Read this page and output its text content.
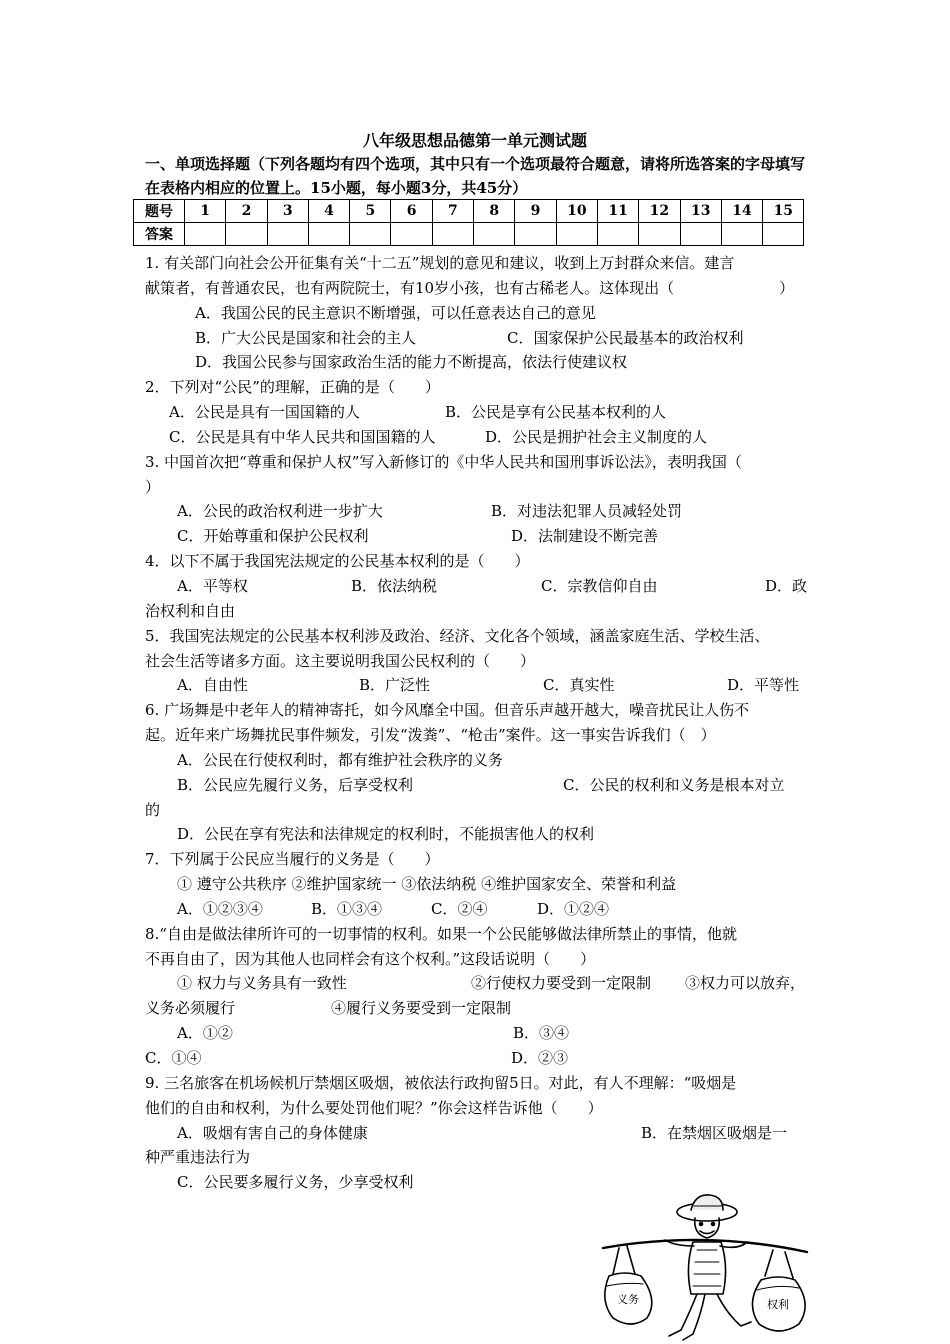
八年级思想品德第一单元测试题
一、单项选择题（下列各题均有四个选项，其中只有一个选项最符合题意，请将所选答案的字母填写在表格内相应的位置上。15小题，每小题3分，共45分）
题号	1	2	3	4	5	6	7	8	9	10	11	12	13	14	15
答案															
1. 有关部门向社会公开征集有关“十二五”规划的意见和建议，收到上万封群众来信。建言
献策者，有普通农民，也有两院院士，有10岁小孩，也有古稀老人。这体现出（　　　　　　　）
A．我国公民的民主意识不断增强，可以任意表达自己的意见
B．广大公民是国家和社会的主人	C．国家保护公民最基本的政治权利
D．我国公民参与国家政治生活的能力不断提高，依法行使建议权
2．下列对“公民”的理解，正确的是（　　）
A．公民是具有一国国籍的人	B．公民是享有公民基本权利的人
C．公民是具有中华人民共和国国籍的人	D．公民是拥护社会主义制度的人
3. 中国首次把“尊重和保护人权”写入新修订的《中华人民共和国刑事诉讼法》，表明我国（
）
A．公民的政治权利进一步扩大	B．对违法犯罪人员减轻处罚
C．开始尊重和保护公民权利	D．法制建设不断完善
4．以下不属于我国宪法规定的公民基本权利的是（　　）
A．平等权	B．依法纳税	C．宗教信仰自由	D．政
治权利和自由
5．我国宪法规定的公民基本权利涉及政治、经济、文化各个领域，涵盖家庭生活、学校生活、
社会生活等诸多方面。这主要说明我国公民权利的（　　）
A．自由性	B．广泛性	C．真实性	D．平等性
6. 广场舞是中老年人的精神寄托，如今风靡全中国。但音乐声越开越大，噪音扰民让人伤不
起。近年来广场舞扰民事件频发，引发“泼粪”、“枪击”案件。这一事实告诉我们（　）
A．公民在行使权利时，都有维护社会秩序的义务
B．公民应先履行义务，后享受权利	C．公民的权利和义务是根本对立
的
D．公民在享有宪法和法律规定的权利时，不能损害他人的权利
7．下列属于公民应当履行的义务是（　　）
① 遵守公共秩序 ②维护国家统一 ③依法纳税 ④维护国家安全、荣誉和利益
A．①②③④	B．①③④	C．②④	D．①②④
8.“自由是做法律所许可的一切事情的权利。如果一个公民能够做法律所禁止的事情，他就
不再自由了，因为其他人也同样会有这个权利。”这段话说明（　　）
① 权力与义务具有一致性	②行使权力要受到一定限制 ③权力可以放弃，
义务必须履行	④履行义务要受到一定限制
A．①②	B．③④
C．①④	D．②③
9. 三名旅客在机场候机厅禁烟区吸烟，被依法行政拘留5日。对此，有人不理解：“吸烟是
他们的自由和权利，为什么要处罚他们呢？”你会这样告诉他（　　）
A．吸烟有害自己的身体健康	B．在禁烟区吸烟是一
种严重违法行为
C．公民要多履行义务，少享受权利
义务	权利
